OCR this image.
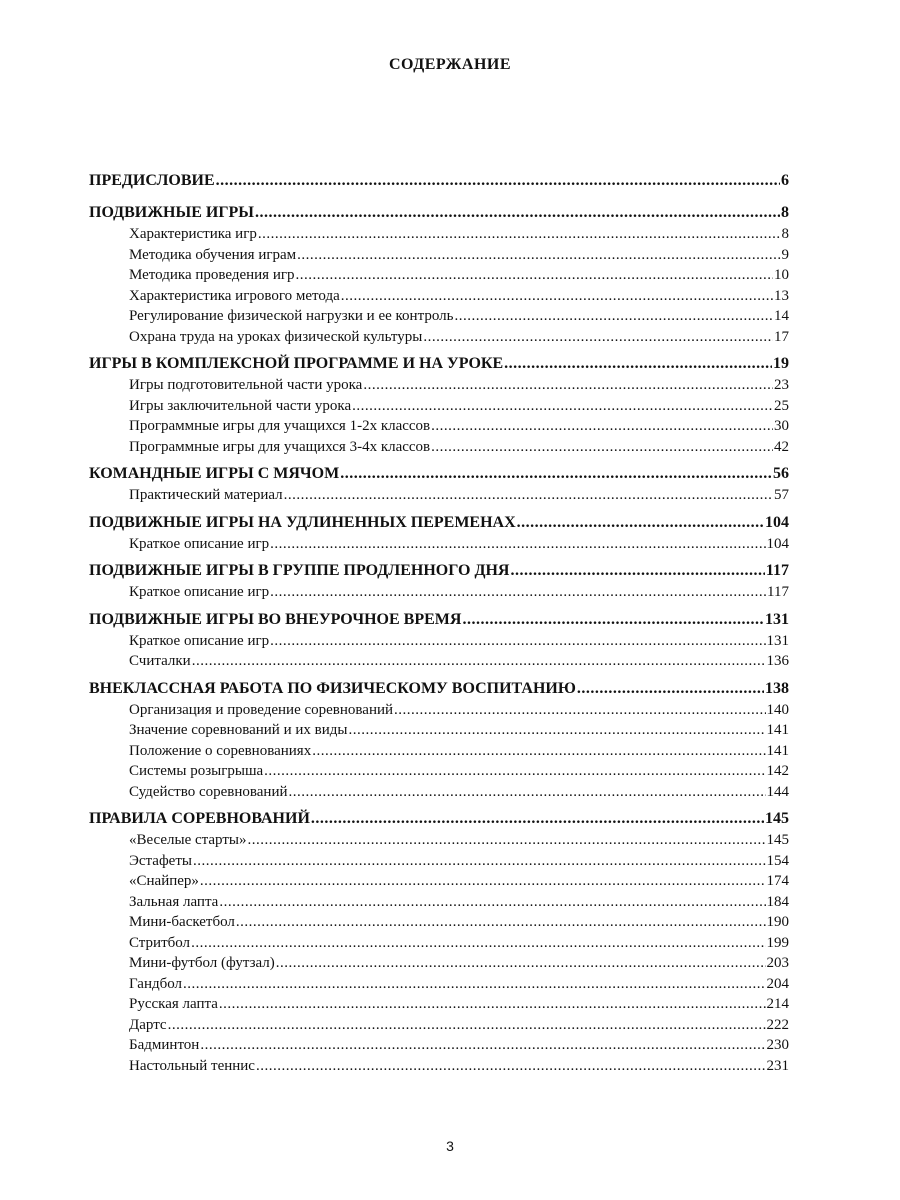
СОДЕРЖАНИЕ
ПРЕДИСЛОВИЕ .....	6
ПОДВИЖНЫЕ ИГРЫ .....	8
Характеристика игр .....	8
Методика обучения играм .....	9
Методика проведения игр .....	10
Характеристика игрового метода .....	13
Регулирование физической нагрузки и ее контроль .....	14
Охрана труда на уроках физической культуры .....	17
ИГРЫ В КОМПЛЕКСНОЙ ПРОГРАММЕ И НА УРОКЕ .....	19
Игры подготовительной части урока .....	23
Игры заключительной части урока .....	25
Программные игры для учащихся 1-2х классов .....	30
Программные игры для учащихся 3-4х классов .....	42
КОМАНДНЫЕ ИГРЫ С МЯЧОМ .....	56
Практический материал .....	57
ПОДВИЖНЫЕ ИГРЫ НА УДЛИНЕННЫХ ПЕРЕМЕНАХ .....	104
Краткое описание игр .....	104
ПОДВИЖНЫЕ ИГРЫ В ГРУППЕ ПРОДЛЕННОГО ДНЯ .....	117
Краткое описание игр .....	117
ПОДВИЖНЫЕ ИГРЫ ВО ВНЕУРОЧНОЕ ВРЕМЯ .....	131
Краткое описание игр .....	131
Считалки .....	136
ВНЕКЛАССНАЯ РАБОТА ПО ФИЗИЧЕСКОМУ ВОСПИТАНИЮ .....	138
Организация и проведение соревнований .....	140
Значение соревнований и их виды .....	141
Положение о соревнованиях .....	141
Системы розыгрыша .....	142
Судейство соревнований .....	144
ПРАВИЛА СОРЕВНОВАНИЙ .....	145
«Веселые старты» .....	145
Эстафеты .....	154
«Снайпер» .....	174
Зальная лапта .....	184
Мини-баскетбол .....	190
Стритбол .....	199
Мини-футбол (футзал) .....	203
Гандбол .....	204
Русская лапта .....	214
Дартс .....	222
Бадминтон .....	230
Настольный теннис .....	231
3
